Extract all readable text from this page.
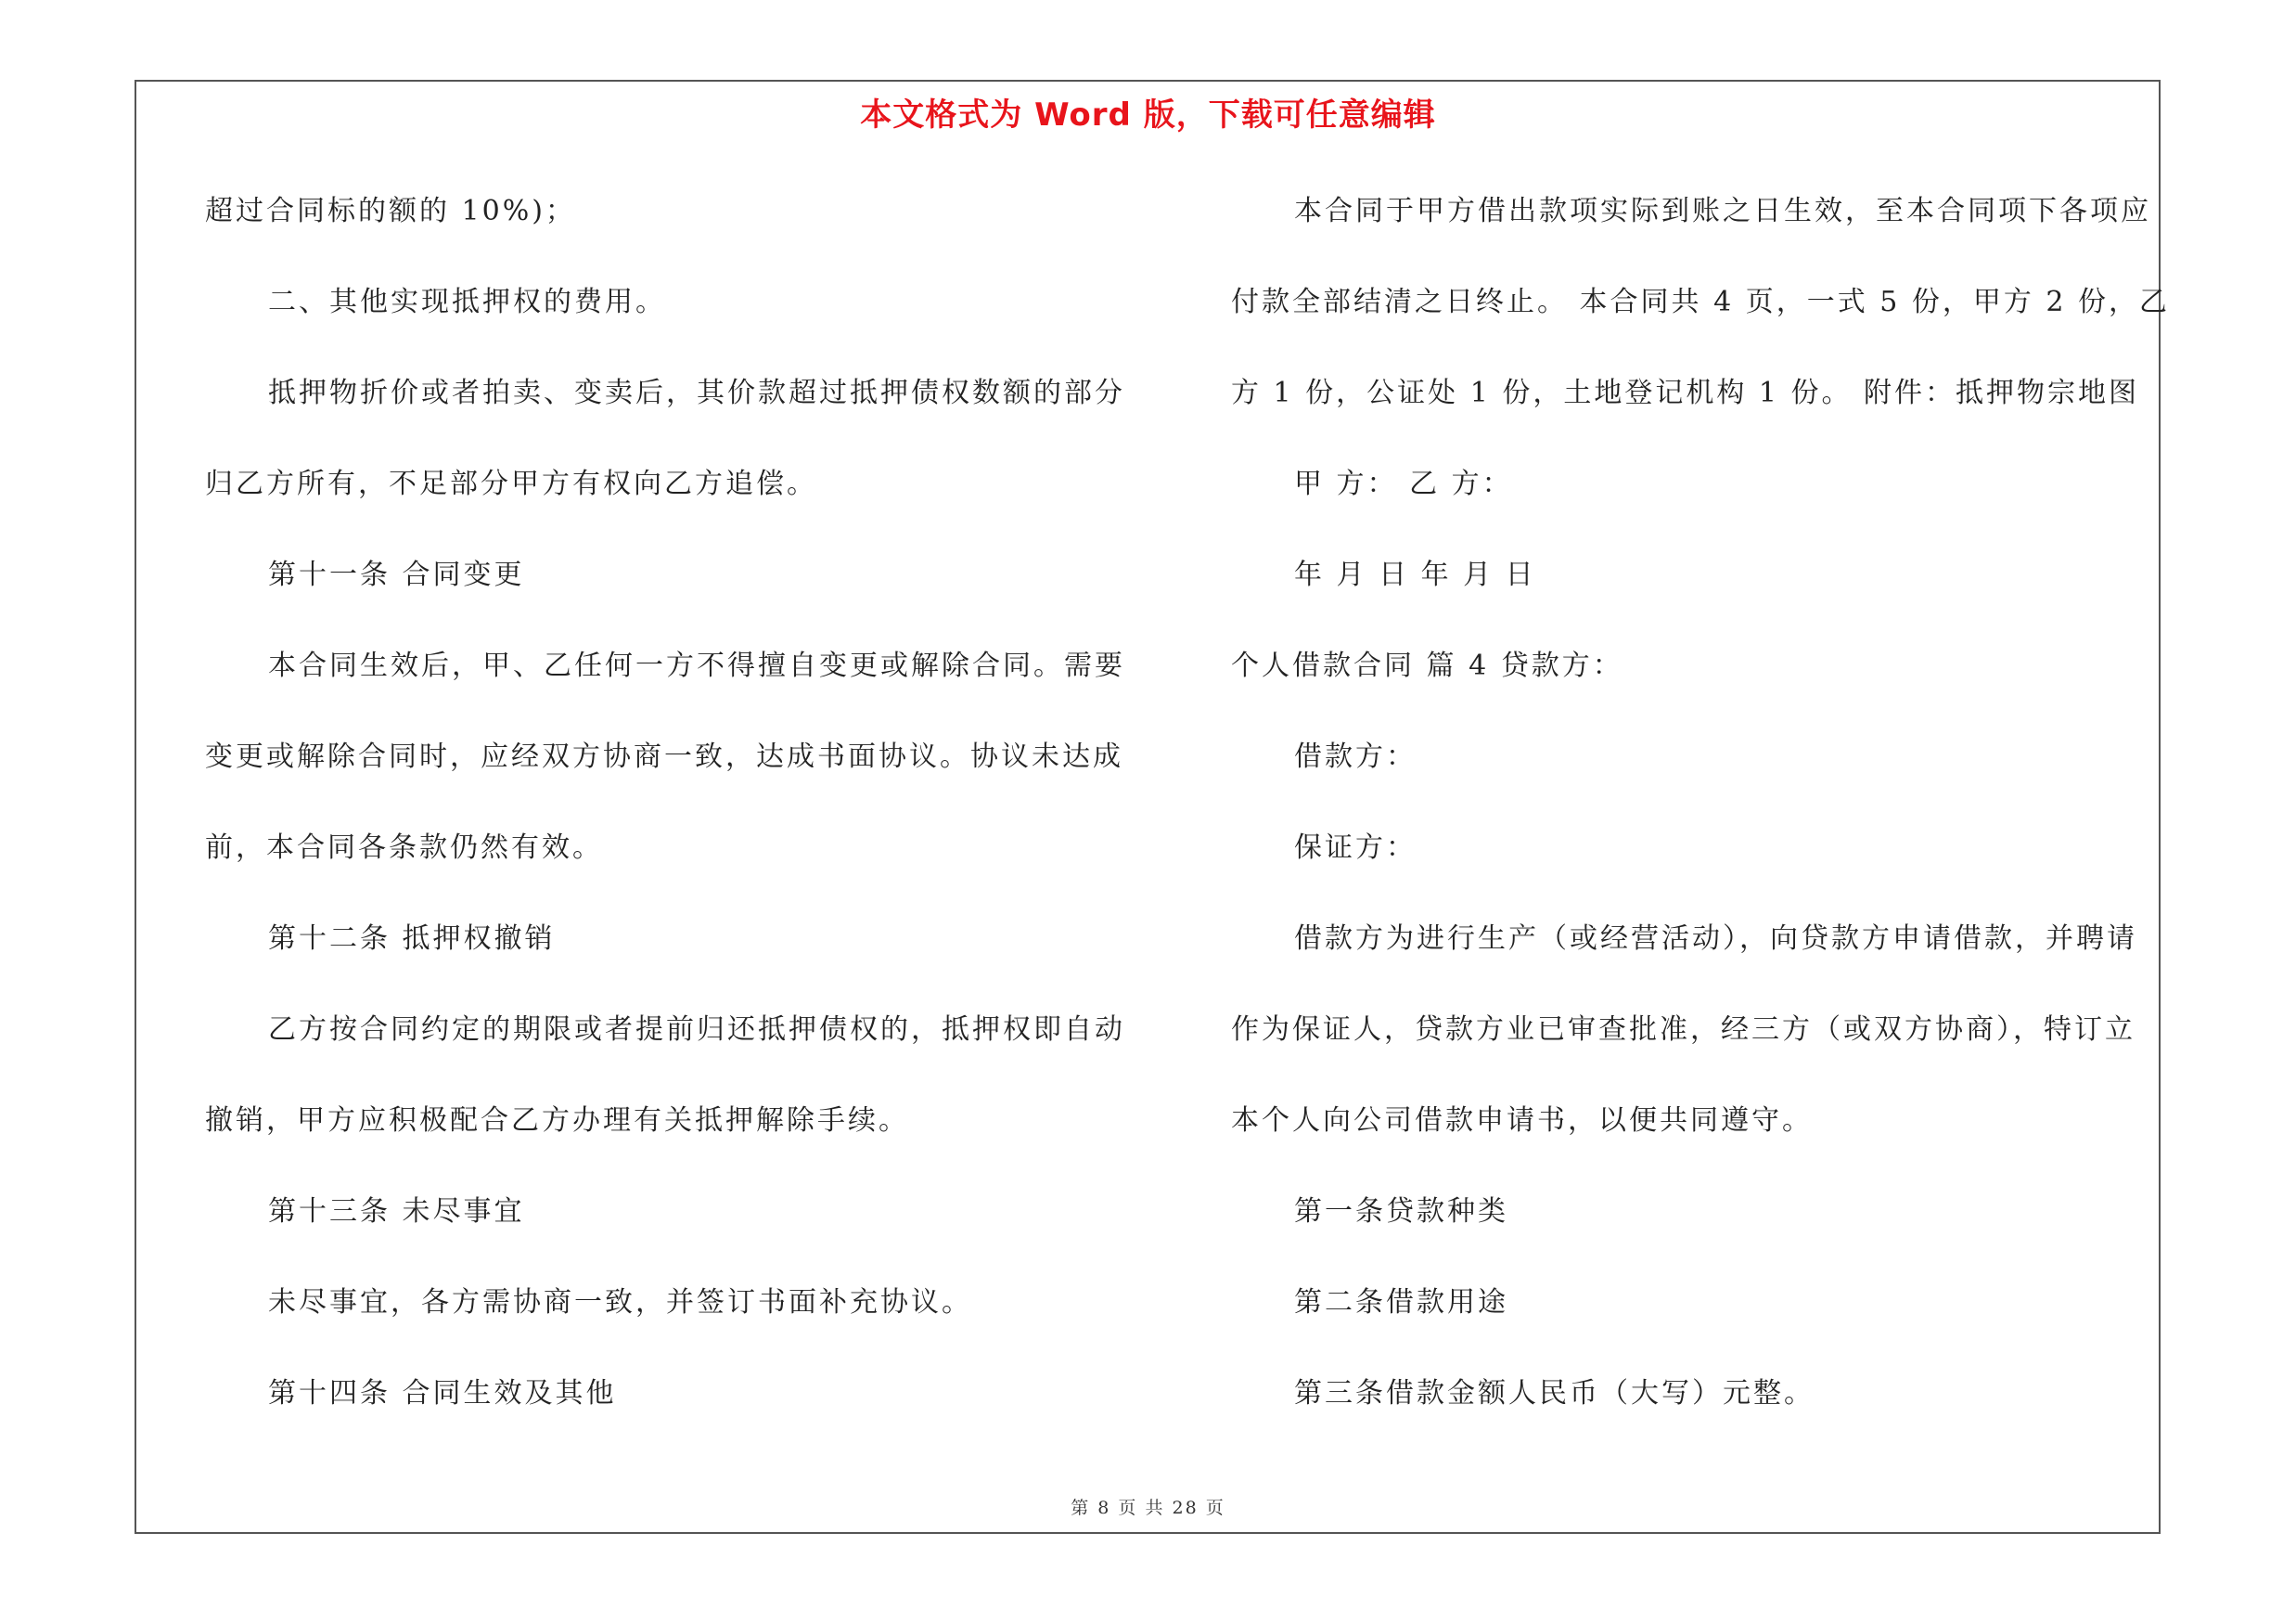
本文格式为 Word 版，下载可任意编辑
超过合同标的额的 10%)；
二、其他实现抵押权的费用。
抵押物折价或者拍卖、变卖后，其价款超过抵押债权数额的部分
归乙方所有，不足部分甲方有权向乙方追偿。
第十一条 合同变更
本合同生效后，甲、乙任何一方不得擅自变更或解除合同。需要
变更或解除合同时，应经双方协商一致，达成书面协议。协议未达成
前，本合同各条款仍然有效。
第十二条 抵押权撤销
乙方按合同约定的期限或者提前归还抵押债权的，抵押权即自动
撤销，甲方应积极配合乙方办理有关抵押解除手续。
第十三条 未尽事宜
未尽事宜，各方需协商一致，并签订书面补充协议。
第十四条 合同生效及其他
本合同于甲方借出款项实际到账之日生效，至本合同项下各项应
付款全部结清之日终止。 本合同共 4 页，一式 5 份，甲方 2 份，乙
方 1 份，公证处 1 份，土地登记机构 1 份。 附件：抵押物宗地图
甲 方： 乙 方：
年 月 日 年 月 日
个人借款合同 篇 4 贷款方：
借款方：
保证方：
借款方为进行生产（或经营活动），向贷款方申请借款，并聘请
作为保证人，贷款方业已审查批准，经三方（或双方协商），特订立
本个人向公司借款申请书，以便共同遵守。
第一条贷款种类
第二条借款用途
第三条借款金额人民币（大写）元整。
第 8 页 共 28 页
